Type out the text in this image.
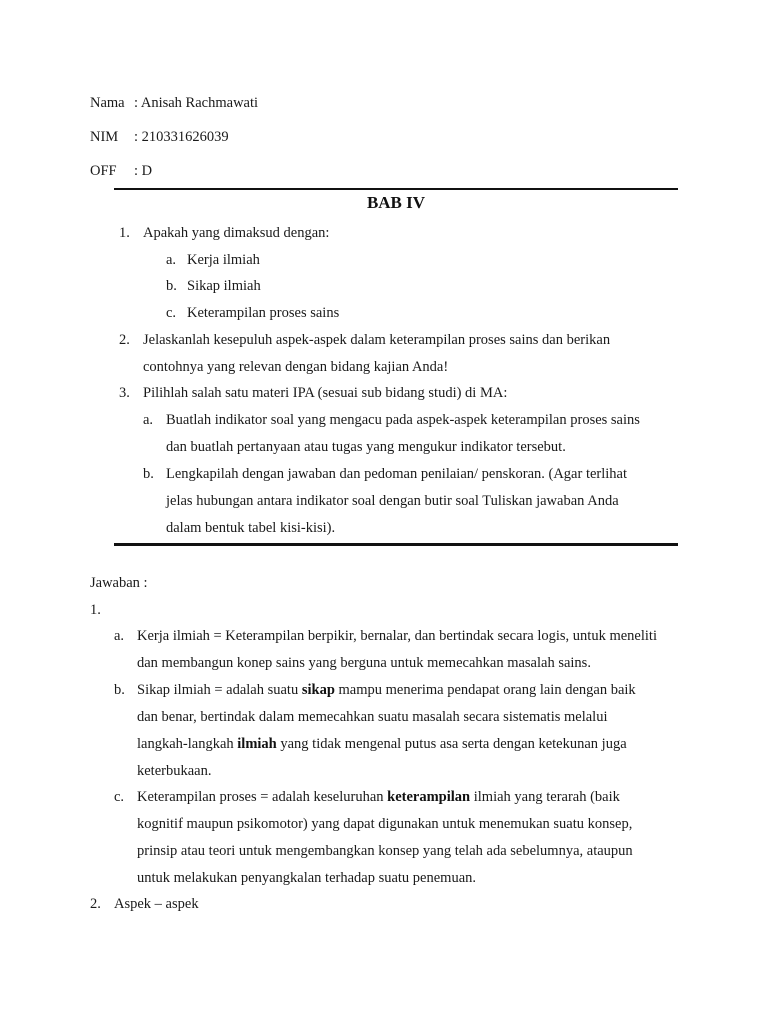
Nama : Anisah Rachmawati
NIM : 210331626039
OFF : D
BAB IV
1. Apakah yang dimaksud dengan:
a. Kerja ilmiah
b. Sikap ilmiah
c. Keterampilan proses sains
2. Jelaskanlah kesepuluh aspek-aspek dalam keterampilan proses sains dan berikan
contohnya yang relevan dengan bidang kajian Anda!
3. Pilihlah salah satu materi IPA (sesuai sub bidang studi) di MA:
a. Buatlah indikator soal yang mengacu pada aspek-aspek keterampilan proses sains
dan buatlah pertanyaan atau tugas yang mengukur indikator tersebut.
b. Lengkapilah dengan jawaban dan pedoman penilaian/ penskoran. (Agar terlihat
jelas hubungan antara indikator soal dengan butir soal Tuliskan jawaban Anda
dalam bentuk tabel kisi-kisi).
Jawaban :
1.
a. Kerja ilmiah = Keterampilan berpikir, bernalar, dan bertindak secara logis, untuk meneliti
dan membangun konep sains yang berguna untuk memecahkan masalah sains.
b. Sikap ilmiah = adalah suatu sikap mampu menerima pendapat orang lain dengan baik
dan benar, bertindak dalam memecahkan suatu masalah secara sistematis melalui
langkah-langkah ilmiah yang tidak mengenal putus asa serta dengan ketekunan juga
keterbukaan.
c. Keterampilan proses = adalah keseluruhan keterampilan ilmiah yang terarah (baik
kognitif maupun psikomotor) yang dapat digunakan untuk menemukan suatu konsep,
prinsip atau teori untuk mengembangkan konsep yang telah ada sebelumnya, ataupun
untuk melakukan penyangkalan terhadap suatu penemuan.
2. Aspek – aspek
